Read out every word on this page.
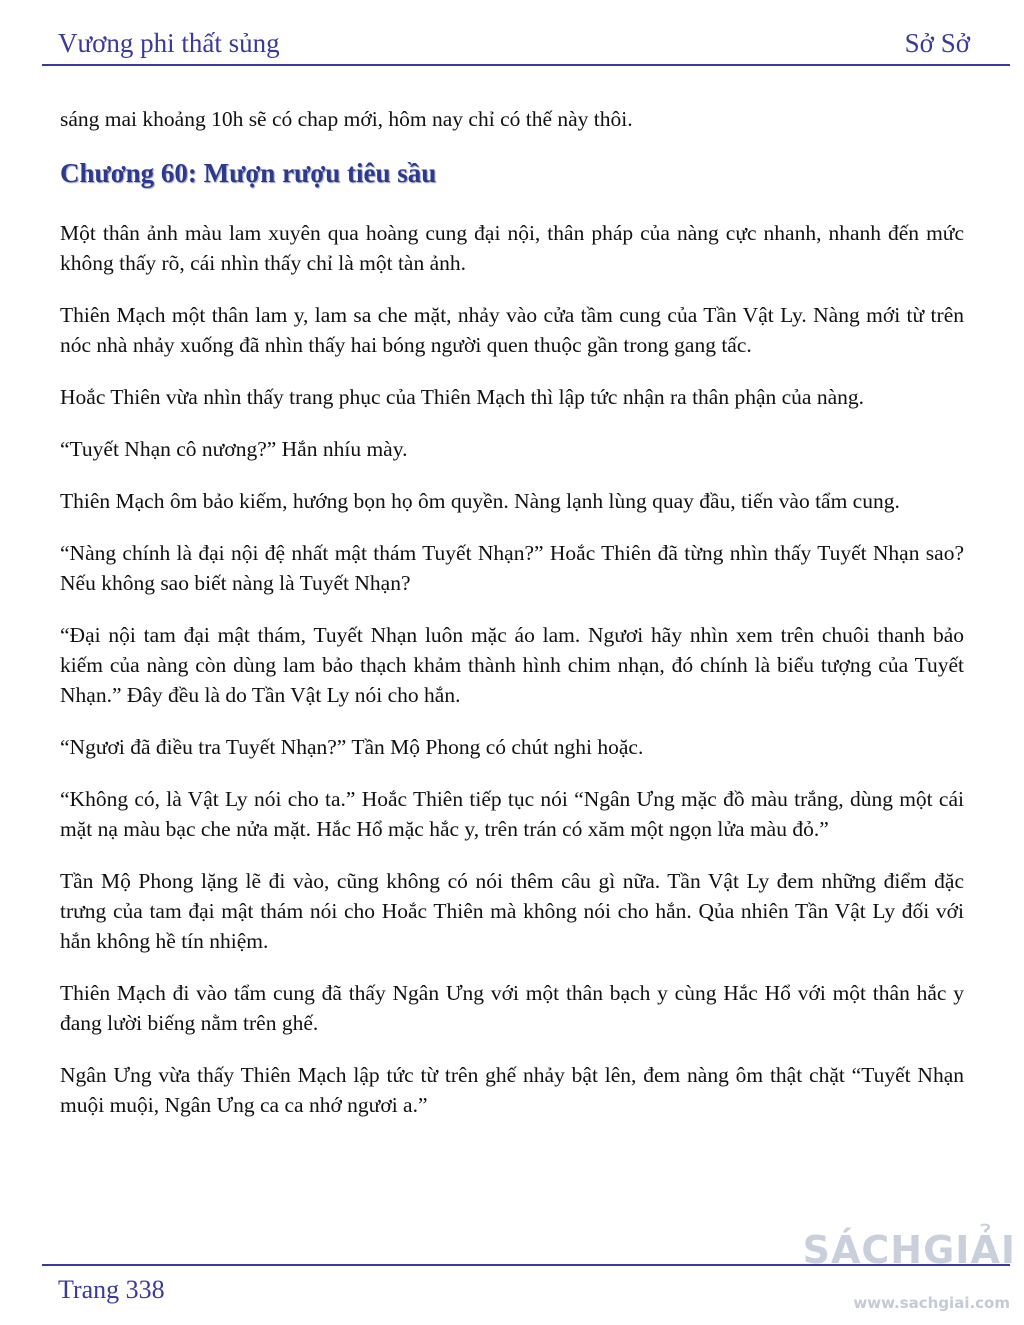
Vương phi thất sủng	Sở Sở

sáng mai khoảng 10h sẽ có chap mới, hôm nay chỉ có thế này thôi.

Chương 60: Mượn rượu tiêu sầu

Một thân ảnh màu lam xuyên qua hoàng cung đại nội, thân pháp của nàng cực nhanh, nhanh đến mức không thấy rõ, cái nhìn thấy chỉ là một tàn ảnh.

Thiên Mạch một thân lam y, lam sa che mặt, nhảy vào cửa tầm cung của Tần Vật Ly. Nàng mới từ trên nóc nhà nhảy xuống đã nhìn thấy hai bóng người quen thuộc gần trong gang tấc.

Hoắc Thiên vừa nhìn thấy trang phục của Thiên Mạch thì lập tức nhận ra thân phận của nàng.

“Tuyết Nhạn cô nương?” Hắn nhíu mày.

Thiên Mạch ôm bảo kiếm, hướng bọn họ ôm quyền. Nàng lạnh lùng quay đầu, tiến vào tẩm cung.

“Nàng chính là đại nội đệ nhất mật thám Tuyết Nhạn?” Hoắc Thiên đã từng nhìn thấy Tuyết Nhạn sao? Nếu không sao biết nàng là Tuyết Nhạn?

“Đại nội tam đại mật thám, Tuyết Nhạn luôn mặc áo lam. Ngươi hãy nhìn xem trên chuôi thanh bảo kiếm của nàng còn dùng lam bảo thạch khảm thành hình chim nhạn, đó chính là biểu tượng của Tuyết Nhạn.” Đây đều là do Tần Vật Ly nói cho hắn.

“Ngươi đã điều tra Tuyết Nhạn?” Tần Mộ Phong có chút nghi hoặc.

“Không có, là Vật Ly nói cho ta.” Hoắc Thiên tiếp tục nói “Ngân Ưng mặc đồ màu trắng, dùng một cái mặt nạ màu bạc che nửa mặt. Hắc Hổ mặc hắc y, trên trán có xăm một ngọn lửa màu đỏ.”

Tần Mộ Phong lặng lẽ đi vào, cũng không có nói thêm câu gì nữa. Tần Vật Ly đem những điểm đặc trưng của tam đại mật thám nói cho Hoắc Thiên mà không nói cho hắn. Qủa nhiên Tần Vật Ly đối với hắn không hề tín nhiệm.

Thiên Mạch đi vào tẩm cung đã thấy Ngân Ưng với một thân bạch y cùng Hắc Hổ với một thân hắc y đang lười biếng nằm trên ghế.

Ngân Ưng vừa thấy Thiên Mạch lập tức từ trên ghế nhảy bật lên, đem nàng ôm thật chặt “Tuyết Nhạn muội muội, Ngân Ưng ca ca nhớ ngươi a.”

Trang 338
SÁCHGIẢI
www.sachgiai.com
